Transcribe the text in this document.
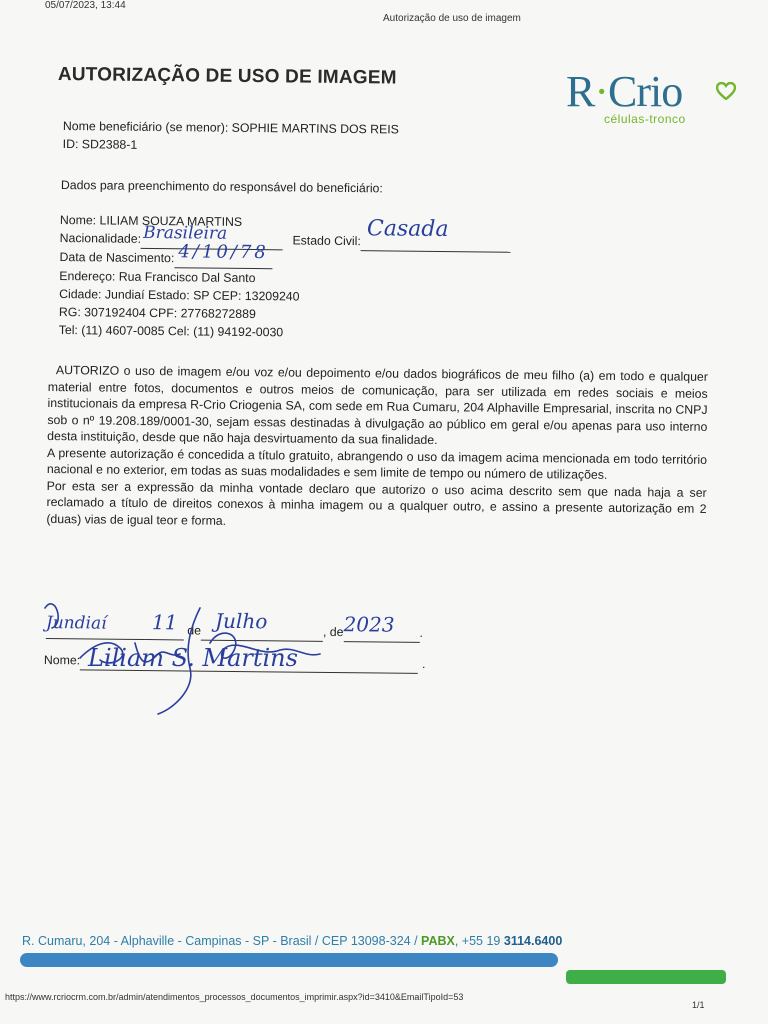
05/07/2023, 13:44
Autorização de uso de imagem
AUTORIZAÇÃO DE USO DE IMAGEM	R·Crio
células-tronco
Nome beneficiário (se menor): SOPHIE MARTINS DOS REIS
ID: SD2388-1
Dados para preenchimento do responsável do beneficiário:
Nome: LILIAM SOUZA MARTINS
Nacionalidade: Brasileira	Estado Civil: Casada

Data de Nascimento: 4/10/78

Endereço: Rua Francisco Dal Santo
Cidade: Jundiaí Estado: SP CEP: 13209240
RG: 307192404 CPF: 27768272889
Tel: (11) 4607-0085 Cel: (11) 94192-0030

AUTORIZO o uso de imagem e/ou voz e/ou depoimento e/ou dados biográficos de meu filho (a) em todo e qualquer material entre fotos, documentos e outros meios de comunicação, para ser utilizada em redes sociais e meios institucionais da empresa R-Crio Criogenia SA, com sede em Rua Cumaru, 204 Alphaville Empresarial, inscrita no CNPJ sob o nº 19.208.189/0001-30, sejam essas destinadas à divulgação ao público em geral e/ou apenas para uso interno desta instituição, desde que não haja desvirtuamento da sua finalidade.

A presente autorização é concedida a título gratuito, abrangendo o uso da imagem acima mencionada em todo território nacional e no exterior, em todas as suas modalidades e sem limite de tempo ou número de utilizações.

Por esta ser a expressão da minha vontade declaro que autorizo o uso acima descrito sem que nada haja a ser reclamado a título de direitos conexos à minha imagem ou a qualquer outro, e assino a presente autorização em 2 (duas) vias de igual teor e forma.

Jundiaí
11 de Julho	, de 2023 .
Nome:	.
Liliam S. Martins
R. Cumaru, 204 - Alphaville - Campinas - SP - Brasil / CEP 13098-324 / PABX, +55 19 3114.6400
https://www.rcriocrm.com.br/admin/atendimentos_processos_documentos_imprimir.aspx?id=3410&EmailTipoId=53
1/1
